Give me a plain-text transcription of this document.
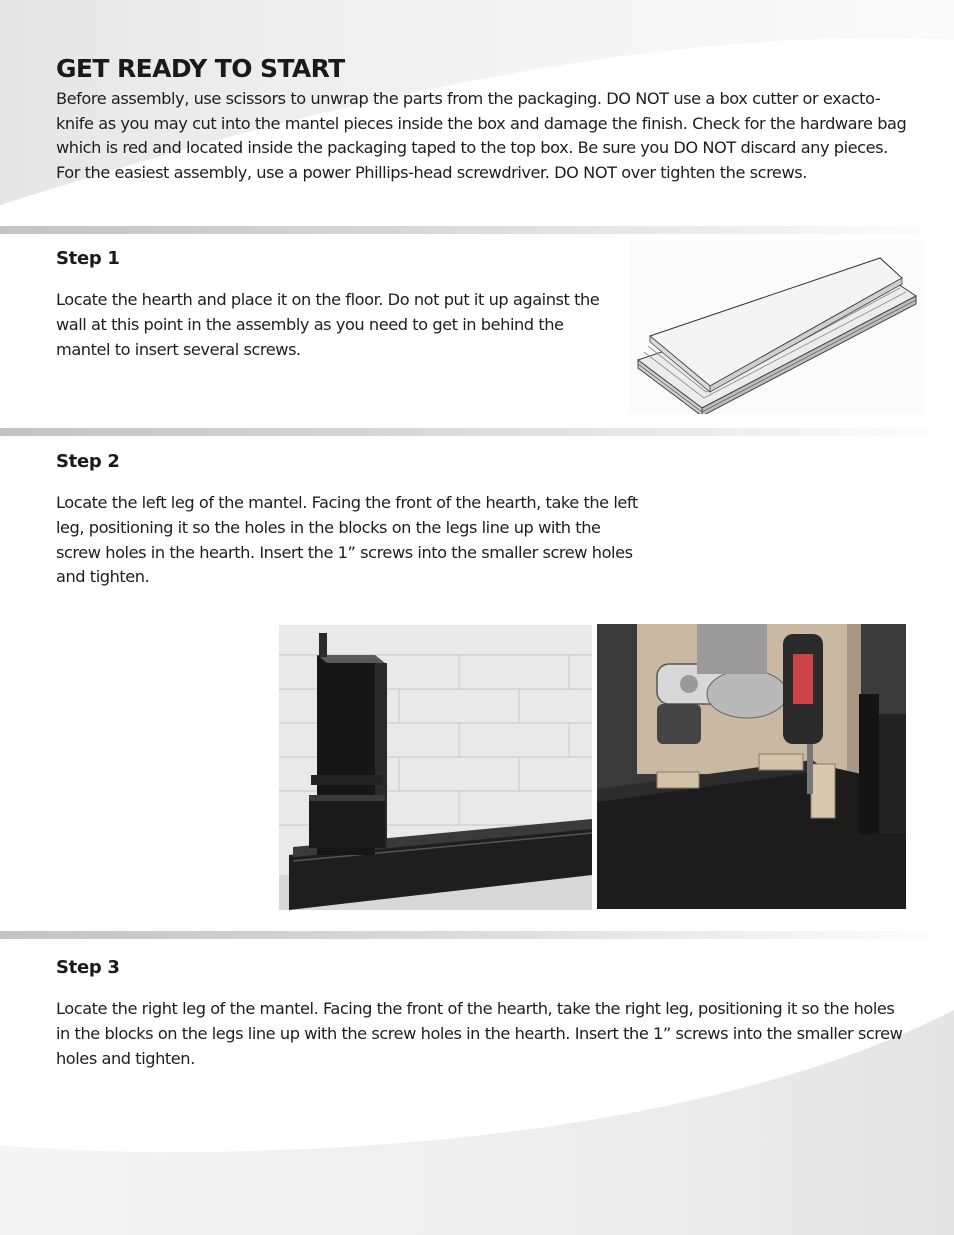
GET READY TO START

Before assembly, use scissors to unwrap the parts from the packaging. DO NOT use a box cutter or exacto-knife as you may cut into the mantel pieces inside the box and damage the finish. Check for the hardware bag which is red and located inside the packaging taped to the top box. Be sure you DO NOT discard any pieces.

For the easiest assembly, use a power Phillips-head screwdriver. DO NOT over tighten the screws.

Step 1

Locate the hearth and place it on the floor. Do not put it up against the wall at this point in the assembly as you need to get in behind the mantel to insert several screws.

Step 2

Locate the left leg of the mantel. Facing the front of the hearth, take the left leg, positioning it so the holes in the blocks on the legs line up with the screw holes in the hearth. Insert the 1” screws into the smaller screw holes and tighten.

Step 3

Locate the right leg of the mantel. Facing the front of the hearth, take the right leg, positioning it so the holes in the blocks on the legs line up with the screw holes in the hearth. Insert the 1” screws into the smaller screw holes and tighten.
